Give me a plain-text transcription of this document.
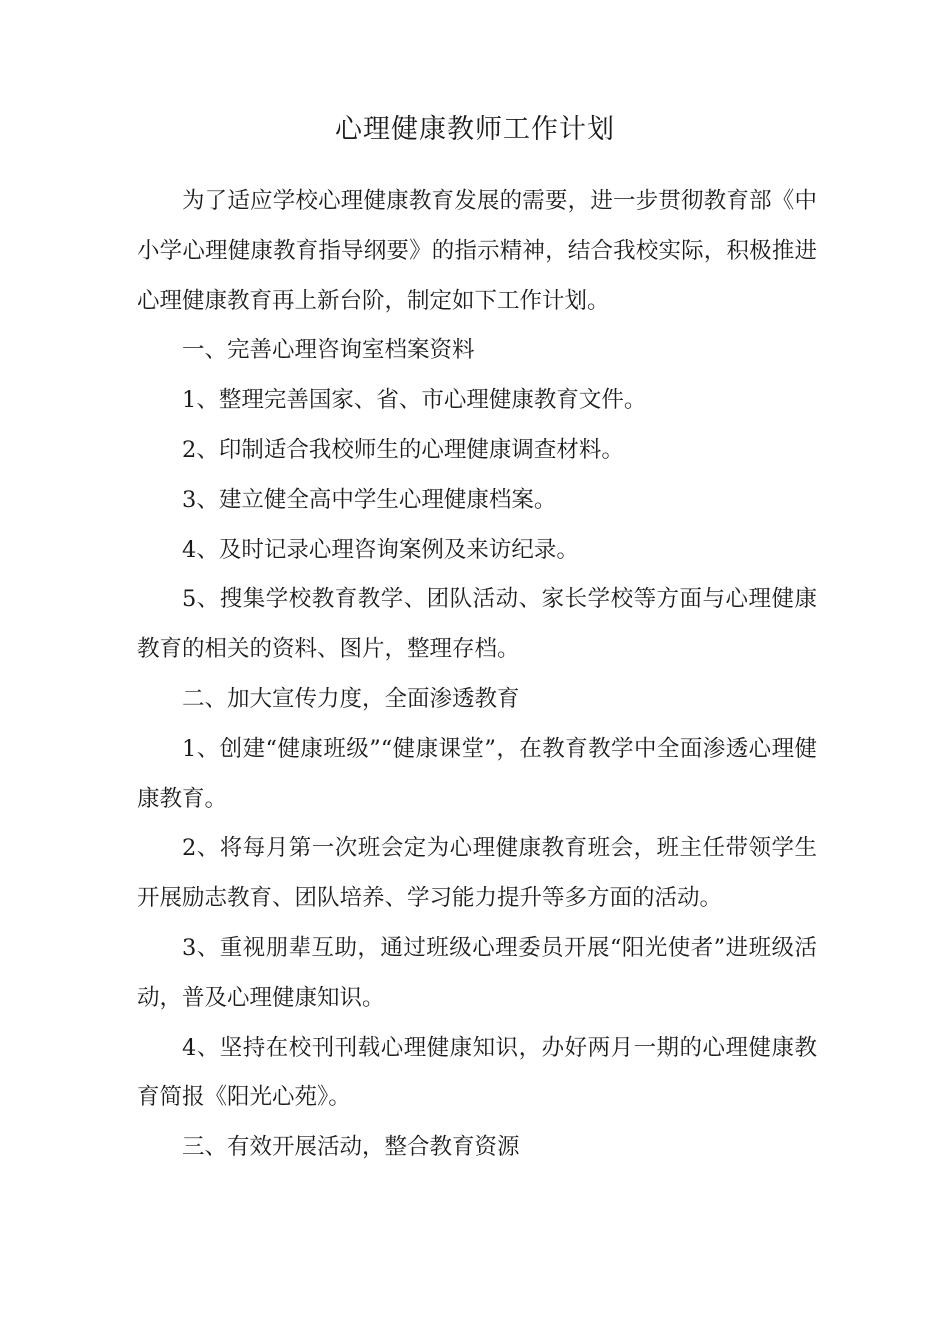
心理健康教师工作计划

为了适应学校心理健康教育发展的需要，进一步贯彻教育部《中小学心理健康教育指导纲要》的指示精神，结合我校实际，积极推进心理健康教育再上新台阶，制定如下工作计划。

一、完善心理咨询室档案资料

1、整理完善国家、省、市心理健康教育文件。

2、印制适合我校师生的心理健康调查材料。

3、建立健全高中学生心理健康档案。

4、及时记录心理咨询案例及来访纪录。

5、搜集学校教育教学、团队活动、家长学校等方面与心理健康教育的相关的资料、图片，整理存档。

二、加大宣传力度，全面渗透教育

1、创建“健康班级”“健康课堂”，在教育教学中全面渗透心理健康教育。

2、将每月第一次班会定为心理健康教育班会，班主任带领学生开展励志教育、团队培养、学习能力提升等多方面的活动。

3、重视朋辈互助，通过班级心理委员开展“阳光使者”进班级活动，普及心理健康知识。

4、坚持在校刊刊载心理健康知识，办好两月一期的心理健康教育简报《阳光心苑》。

三、有效开展活动，整合教育资源
